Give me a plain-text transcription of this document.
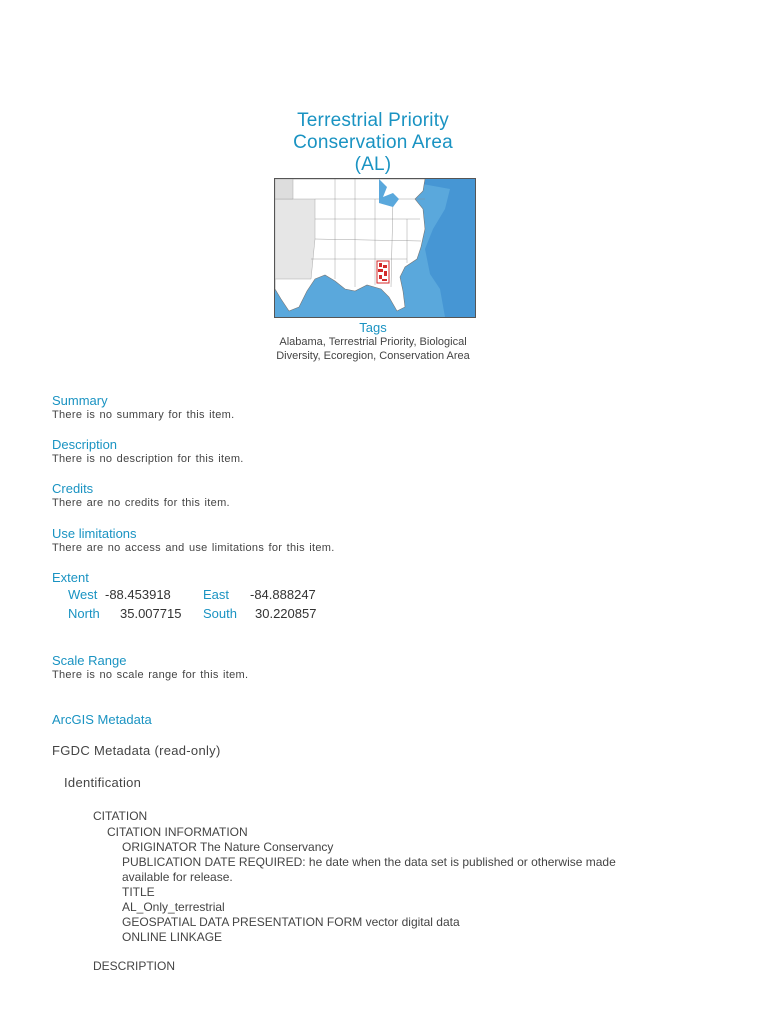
Terrestrial Priority
Conservation Area
(AL)
Tags
Alabama, Terrestrial Priority, Biological
Diversity, Ecoregion, Conservation Area
Summary
There is no summary for this item.
Description
There is no description for this item.
Credits
There are no credits for this item.
Use limitations
There are no access and use limitations for this item.
Extent
West -88.453918 East -84.888247
North 35.007715 South 30.220857
Scale Range
There is no scale range for this item.
ArcGIS Metadata
FGDC Metadata (read-only)
Identification
CITATION
CITATION INFORMATION
ORIGINATOR The Nature Conservancy
PUBLICATION DATE REQUIRED: he date when the data set is published or otherwise made
available for release.
TITLE
AL_Only_terrestrial
GEOSPATIAL DATA PRESENTATION FORM vector digital data
ONLINE LINKAGE
DESCRIPTION
